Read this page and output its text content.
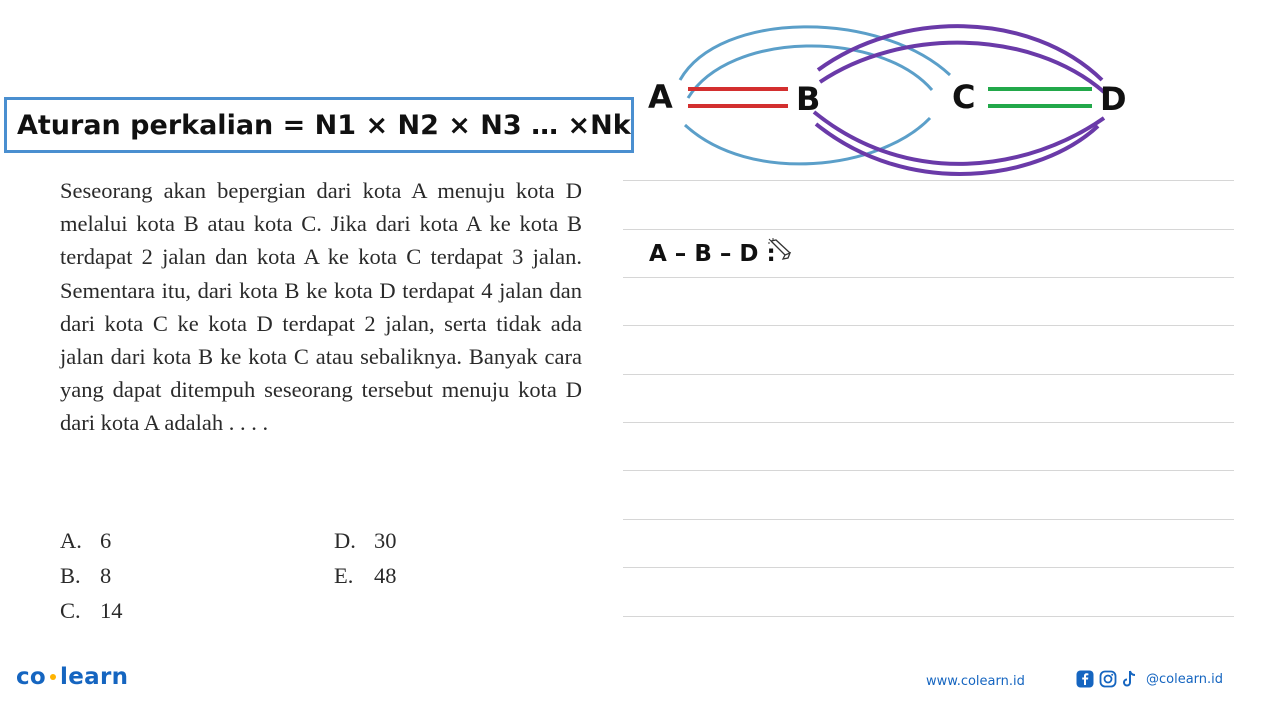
Aturan perkalian = N1 × N2 × N3 … ×Nk
A	B	C	D

Seseorang akan bepergian dari kota A menuju kota D melalui kota B atau kota C. Jika dari kota A ke kota B terdapat 2 jalan dan kota A ke kota C terdapat 3 jalan. Sementara itu, dari kota B ke kota D terdapat 4 jalan dan dari kota C ke kota D terdapat 2 jalan, serta tidak ada jalan dari kota B ke kota C atau sebaliknya. Banyak cara yang dapat ditempuh seseorang tersebut menuju kota D dari kota A adalah . . . .

A. 6
B. 8
C. 14
D. 30
E. 48
A – B – D :
co learn	www.colearn.id	@colearn.id
